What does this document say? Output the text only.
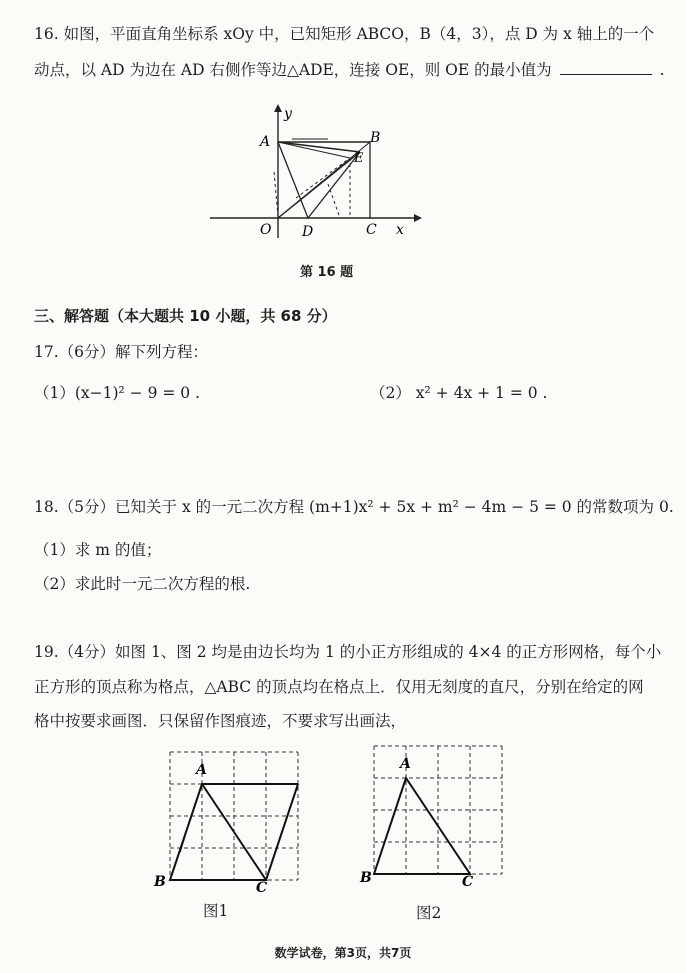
16. 如图，平面直角坐标系 xOy 中，已知矩形 ABCO，B（4，3），点 D 为 x 轴上的一个
动点，以 AD 为边在 AD 右侧作等边△ADE，连接 OE，则 OE 的最小值为	.
y
x
A	B
E
O D	C
第 16 题
三、解答题（本大题共 10 小题，共 68 分）
17.（6分）解下列方程：
（1）(x−1)² − 9 = 0 .	（2） x² + 4x + 1 = 0 .
18.（5分）已知关于 x 的一元二次方程 (m+1)x² + 5x + m² − 4m − 5 = 0 的常数项为 0.
（1）求 m 的值；
（2）求此时一元二次方程的根.
19.（4分）如图 1、图 2 均是由边长均为 1 的小正方形组成的 4×4 的正方形网格，每个小
正方形的顶点称为格点，△ABC 的顶点均在格点上．仅用无刻度的直尺，分别在给定的网
格中按要求画图．只保留作图痕迹，不要求写出画法，
A
B	C
图1
A
B	C
图2
数学试卷，第3页，共7页
